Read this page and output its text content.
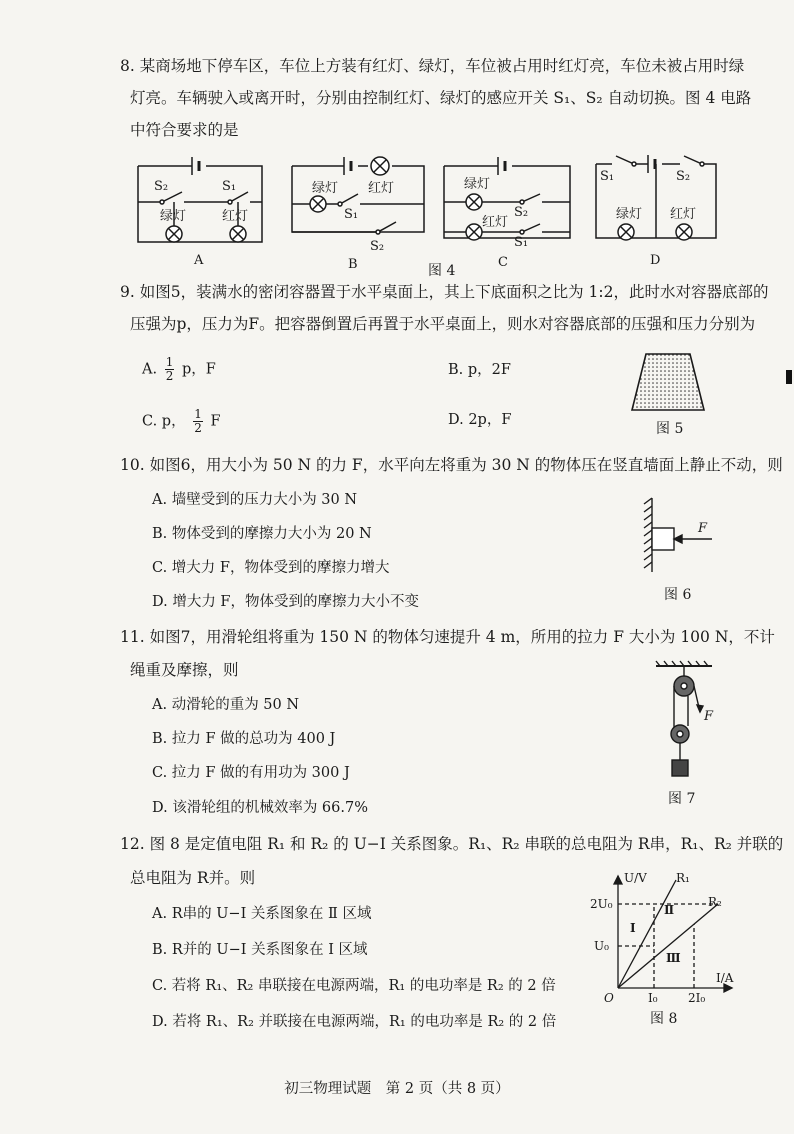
8. 某商场地下停车区，车位上方装有红灯、绿灯，车位被占用时红灯亮，车位未被占用时绿
灯亮。车辆驶入或离开时，分别由控制红灯、绿灯的感应开关 S₁、S₂ 自动切换。图 4 电路
中符合要求的是
S₂	S₁
绿灯	红灯
A
绿灯 红灯
S₁
S₂
B
绿灯
S₂
红灯
S₁
C
S₁	S₂
绿灯 红灯
D
图 4
9. 如图5，装满水的密闭容器置于水平桌面上，其上下底面积之比为 1:2，此时水对容器底部的
压强为p，压力为F。把容器倒置后再置于水平桌面上，则水对容器底部的压强和压力分别为
A. $\frac{1}{2}$ p，F	B. p，2F
C. p， $\frac{1}{2}$ F	D. 2p，F
图 5
10. 如图6，用大小为 50 N 的力 F，水平向左将重为 30 N 的物体压在竖直墙面上静止不动，则
A. 墙壁受到的压力大小为 30 N
B. 物体受到的摩擦力大小为 20 N
C. 增大力 F，物体受到的摩擦力增大
D. 增大力 F，物体受到的摩擦力大小不变
F
图 6
11. 如图7，用滑轮组将重为 150 N 的物体匀速提升 4 m，所用的拉力 F 大小为 100 N，不计
绳重及摩擦，则
A. 动滑轮的重为 50 N
B. 拉力 F 做的总功为 400 J
C. 拉力 F 做的有用功为 300 J
D. 该滑轮组的机械效率为 66.7%
F
图 7
12. 图 8 是定值电阻 R₁ 和 R₂ 的 U−I 关系图象。R₁、R₂ 串联的总电阻为 R串，R₁、R₂ 并联的
总电阻为 R并。则
A. R串的 U−I 关系图象在 Ⅱ 区域
B. R并的 U−I 关系图象在 Ⅰ 区域
C. 若将 R₁、R₂ 串联接在电源两端，R₁ 的电功率是 R₂ 的 2 倍
D. 若将 R₁、R₂ 并联接在电源两端，R₁ 的电功率是 R₂ 的 2 倍
U/V R₁
R₂
2U₀
U₀
Ⅰ
Ⅱ
Ⅲ
I/A
O	I₀	2I₀
图 8
初三物理试题　第 2 页（共 8 页）
